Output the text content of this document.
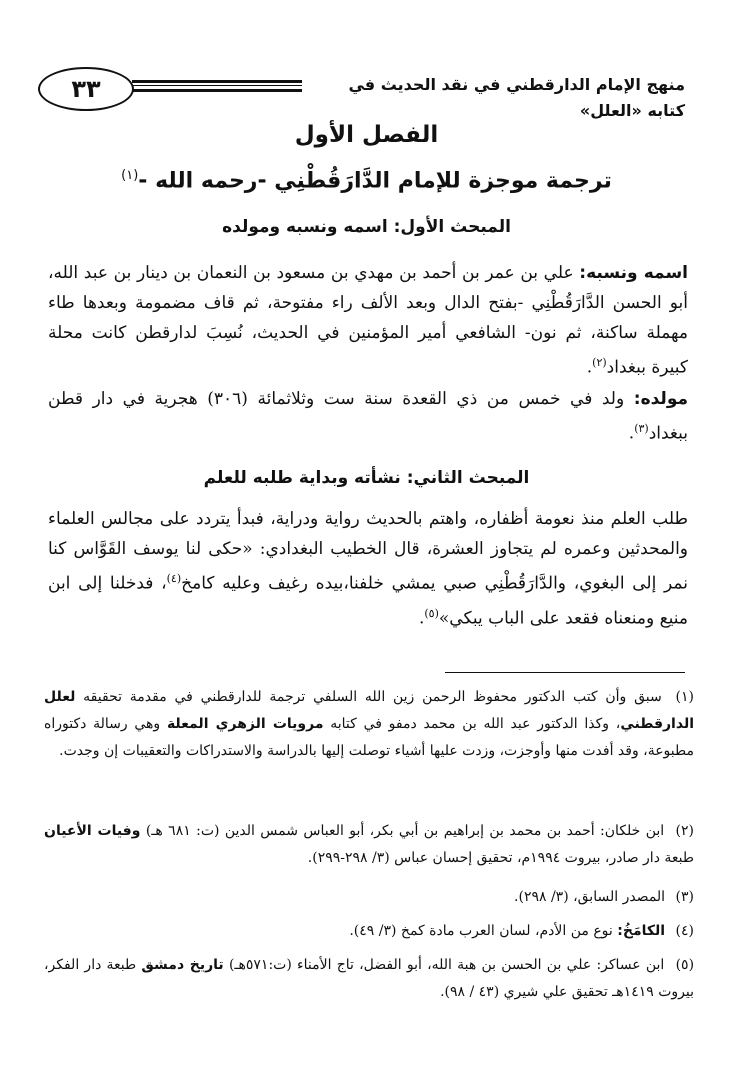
منهج الإمام الدارقطني في نقد الحديث في كتابه «العلل»
٣٣
الفصل الأول
ترجمة موجزة للإمام الدَّارَقُطْنِي -رحمه الله -$^{(١)}$
المبحث الأول: اسمه ونسبه ومولده
اسمه ونسبه: علي بن عمر بن أحمد بن مهدي بن مسعود بن النعمان بن دينار بن عبد الله، أبو الحسن الدَّارَقُطْنِي -بفتح الدال وبعد الألف راء مفتوحة، ثم قاف مضمومة وبعدها طاء مهملة ساكنة، ثم نون- الشافعي أمير المؤمنين في الحديث، نُسِبَ لدارقطن كانت محلة كبيرة ببغداد$^{(٢)}$.
مولده: ولد في خمس من ذي القعدة سنة ست وثلاثمائة (٣٠٦) هجرية في دار قطن ببغداد$^{(٣)}$.
المبحث الثاني: نشأته وبداية طلبه للعلم
طلب العلم منذ نعومة أظفاره، واهتم بالحديث رواية ودراية، فبدأ يتردد على مجالس العلماء والمحدثين وعمره لم يتجاوز العشرة، قال الخطيب البغدادي: «حكى لنا يوسف القَوَّاس كنا نمر إلى البغوي، والدَّارَقُطْنِي صبي يمشي خلفنا،بيده رغيف وعليه كامخ$^{(٤)}$، فدخلنا إلى ابن منيع ومنعناه فقعد على الباب يبكي»$^{(٥)}$.
(١) سبق وأن كتب الدكتور محفوظ الرحمن زين الله السلفي ترجمة للدارقطني في مقدمة تحقيقه لعلل الدارقطني، وكذا الدكتور عبد الله بن محمد دمفو في كتابه مرويات الزهري المعلة وهي رسالة دكتوراه مطبوعة، وقد أفدت منها وأوجزت، وزدت عليها أشياء توصلت إليها بالدراسة والاستدراكات والتعقيبات إن وجدت.
(٢) ابن خلكان: أحمد بن محمد بن إبراهيم بن أبي بكر، أبو العباس شمس الدين (ت: ٦٨١ هـ) وفيات الأعيان طبعة دار صادر، بيروت ١٩٩٤م، تحقيق إحسان عباس (٣/ ٢٩٨-٢٩٩).
(٣) المصدر السابق، (٣/ ٢٩٨).
(٤) الكامَخُ: نوع من الأدم، لسان العرب مادة كمخ (٣/ ٤٩).
(٥) ابن عساكر: علي بن الحسن بن هبة الله، أبو الفضل، تاج الأمناء (ت:٥٧١هـ) تاريخ دمشق طبعة دار الفكر، بيروت ١٤١٩هـ تحقيق علي شيري (٤٣ / ٩٨).
